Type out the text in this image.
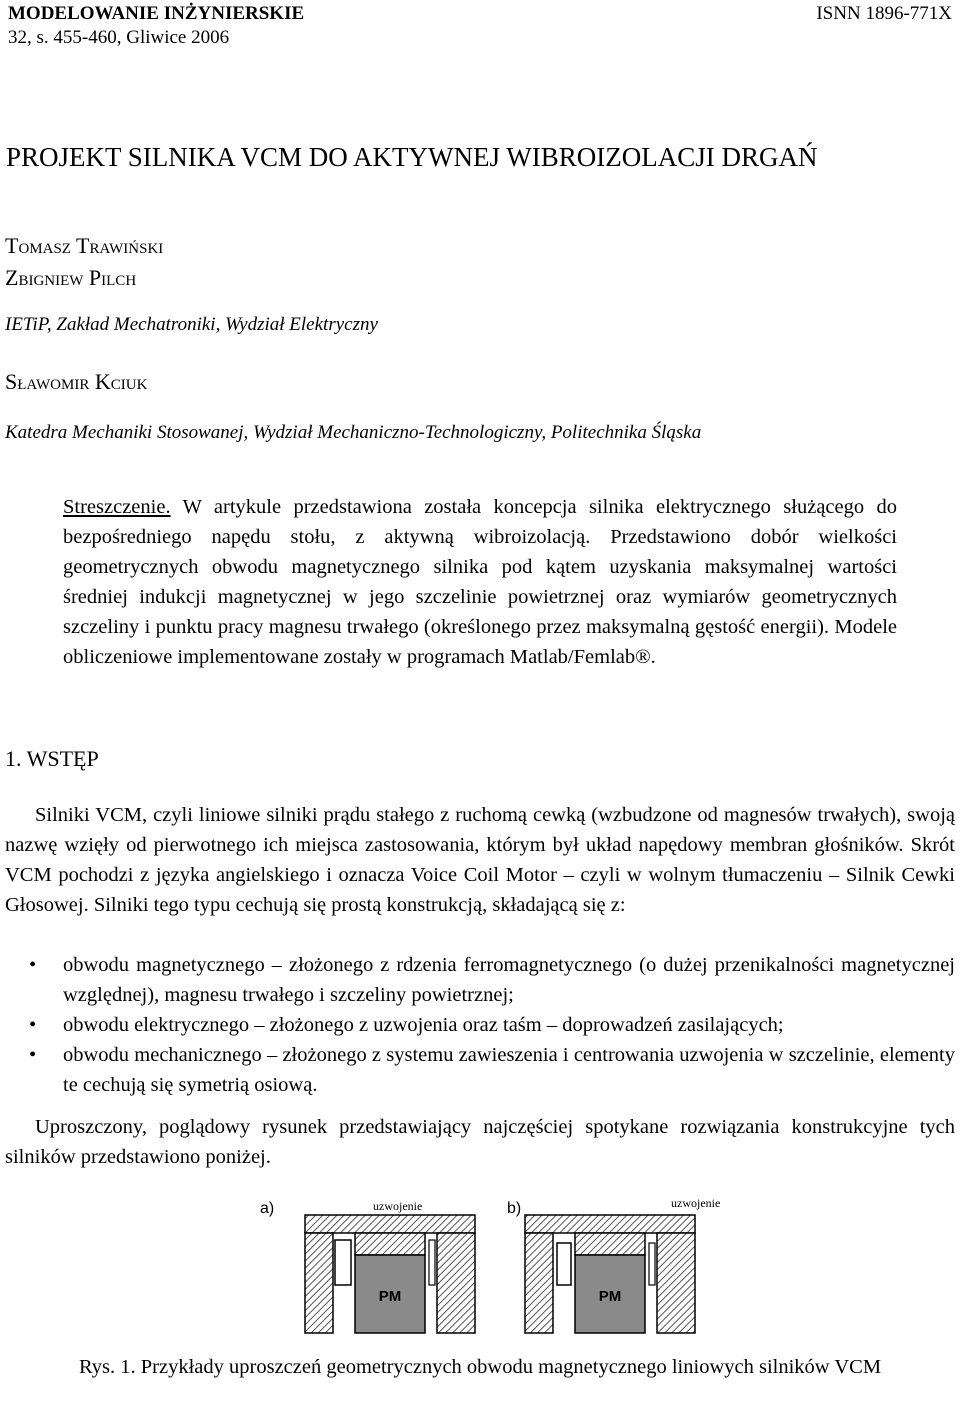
MODELOWANIE INŻYNIERSKIE
32, s. 455-460, Gliwice 2006
ISNN 1896-771X
PROJEKT SILNIKA VCM DO AKTYWNEJ WIBROIZOLACJI DRGAŃ
Tomasz Trawiński
Zbigniew Pilch
IETiP, Zakład Mechatroniki, Wydział Elektryczny
Sławomir Kciuk
Katedra Mechaniki Stosowanej, Wydział Mechaniczno-Technologiczny, Politechnika Śląska
Streszczenie. W artykule przedstawiona została koncepcja silnika elektrycznego służącego do bezpośredniego napędu stołu, z aktywną wibroizolacją. Przedstawiono dobór wielkości geometrycznych obwodu magnetycznego silnika pod kątem uzyskania maksymalnej wartości średniej indukcji magnetycznej w jego szczelinie powietrznej oraz wymiarów geometrycznych szczeliny i punktu pracy magnesu trwałego (określonego przez maksymalną gęstość energii). Modele obliczeniowe implementowane zostały w programach Matlab/Femlab®.
1. WSTĘP
Silniki VCM, czyli liniowe silniki prądu stałego z ruchomą cewką (wzbudzone od magnesów trwałych), swoją nazwę wzięły od pierwotnego ich miejsca zastosowania, którym był układ napędowy membran głośników. Skrót VCM pochodzi z języka angielskiego i oznacza Voice Coil Motor – czyli w wolnym tłumaczeniu – Silnik Cewki Głosowej. Silniki tego typu cechują się prostą konstrukcją, składającą się z:
• obwodu magnetycznego – złożonego z rdzenia ferromagnetycznego (o dużej przenikalności magnetycznej względnej), magnesu trwałego i szczeliny powietrznej;
• obwodu elektrycznego – złożonego z uzwojenia oraz taśm – doprowadzeń zasilających;
• obwodu mechanicznego – złożonego z systemu zawieszenia i centrowania uzwojenia w szczelinie, elementy te cechują się symetrią osiową.
Uproszczony, poglądowy rysunek przedstawiający najczęściej spotykane rozwiązania konstrukcyjne tych silników przedstawiono poniżej.
a)
PM
uzwojenie	b)
PM
uzwojenie
Rys. 1. Przykłady uproszczeń geometrycznych obwodu magnetycznego liniowych silników VCM
